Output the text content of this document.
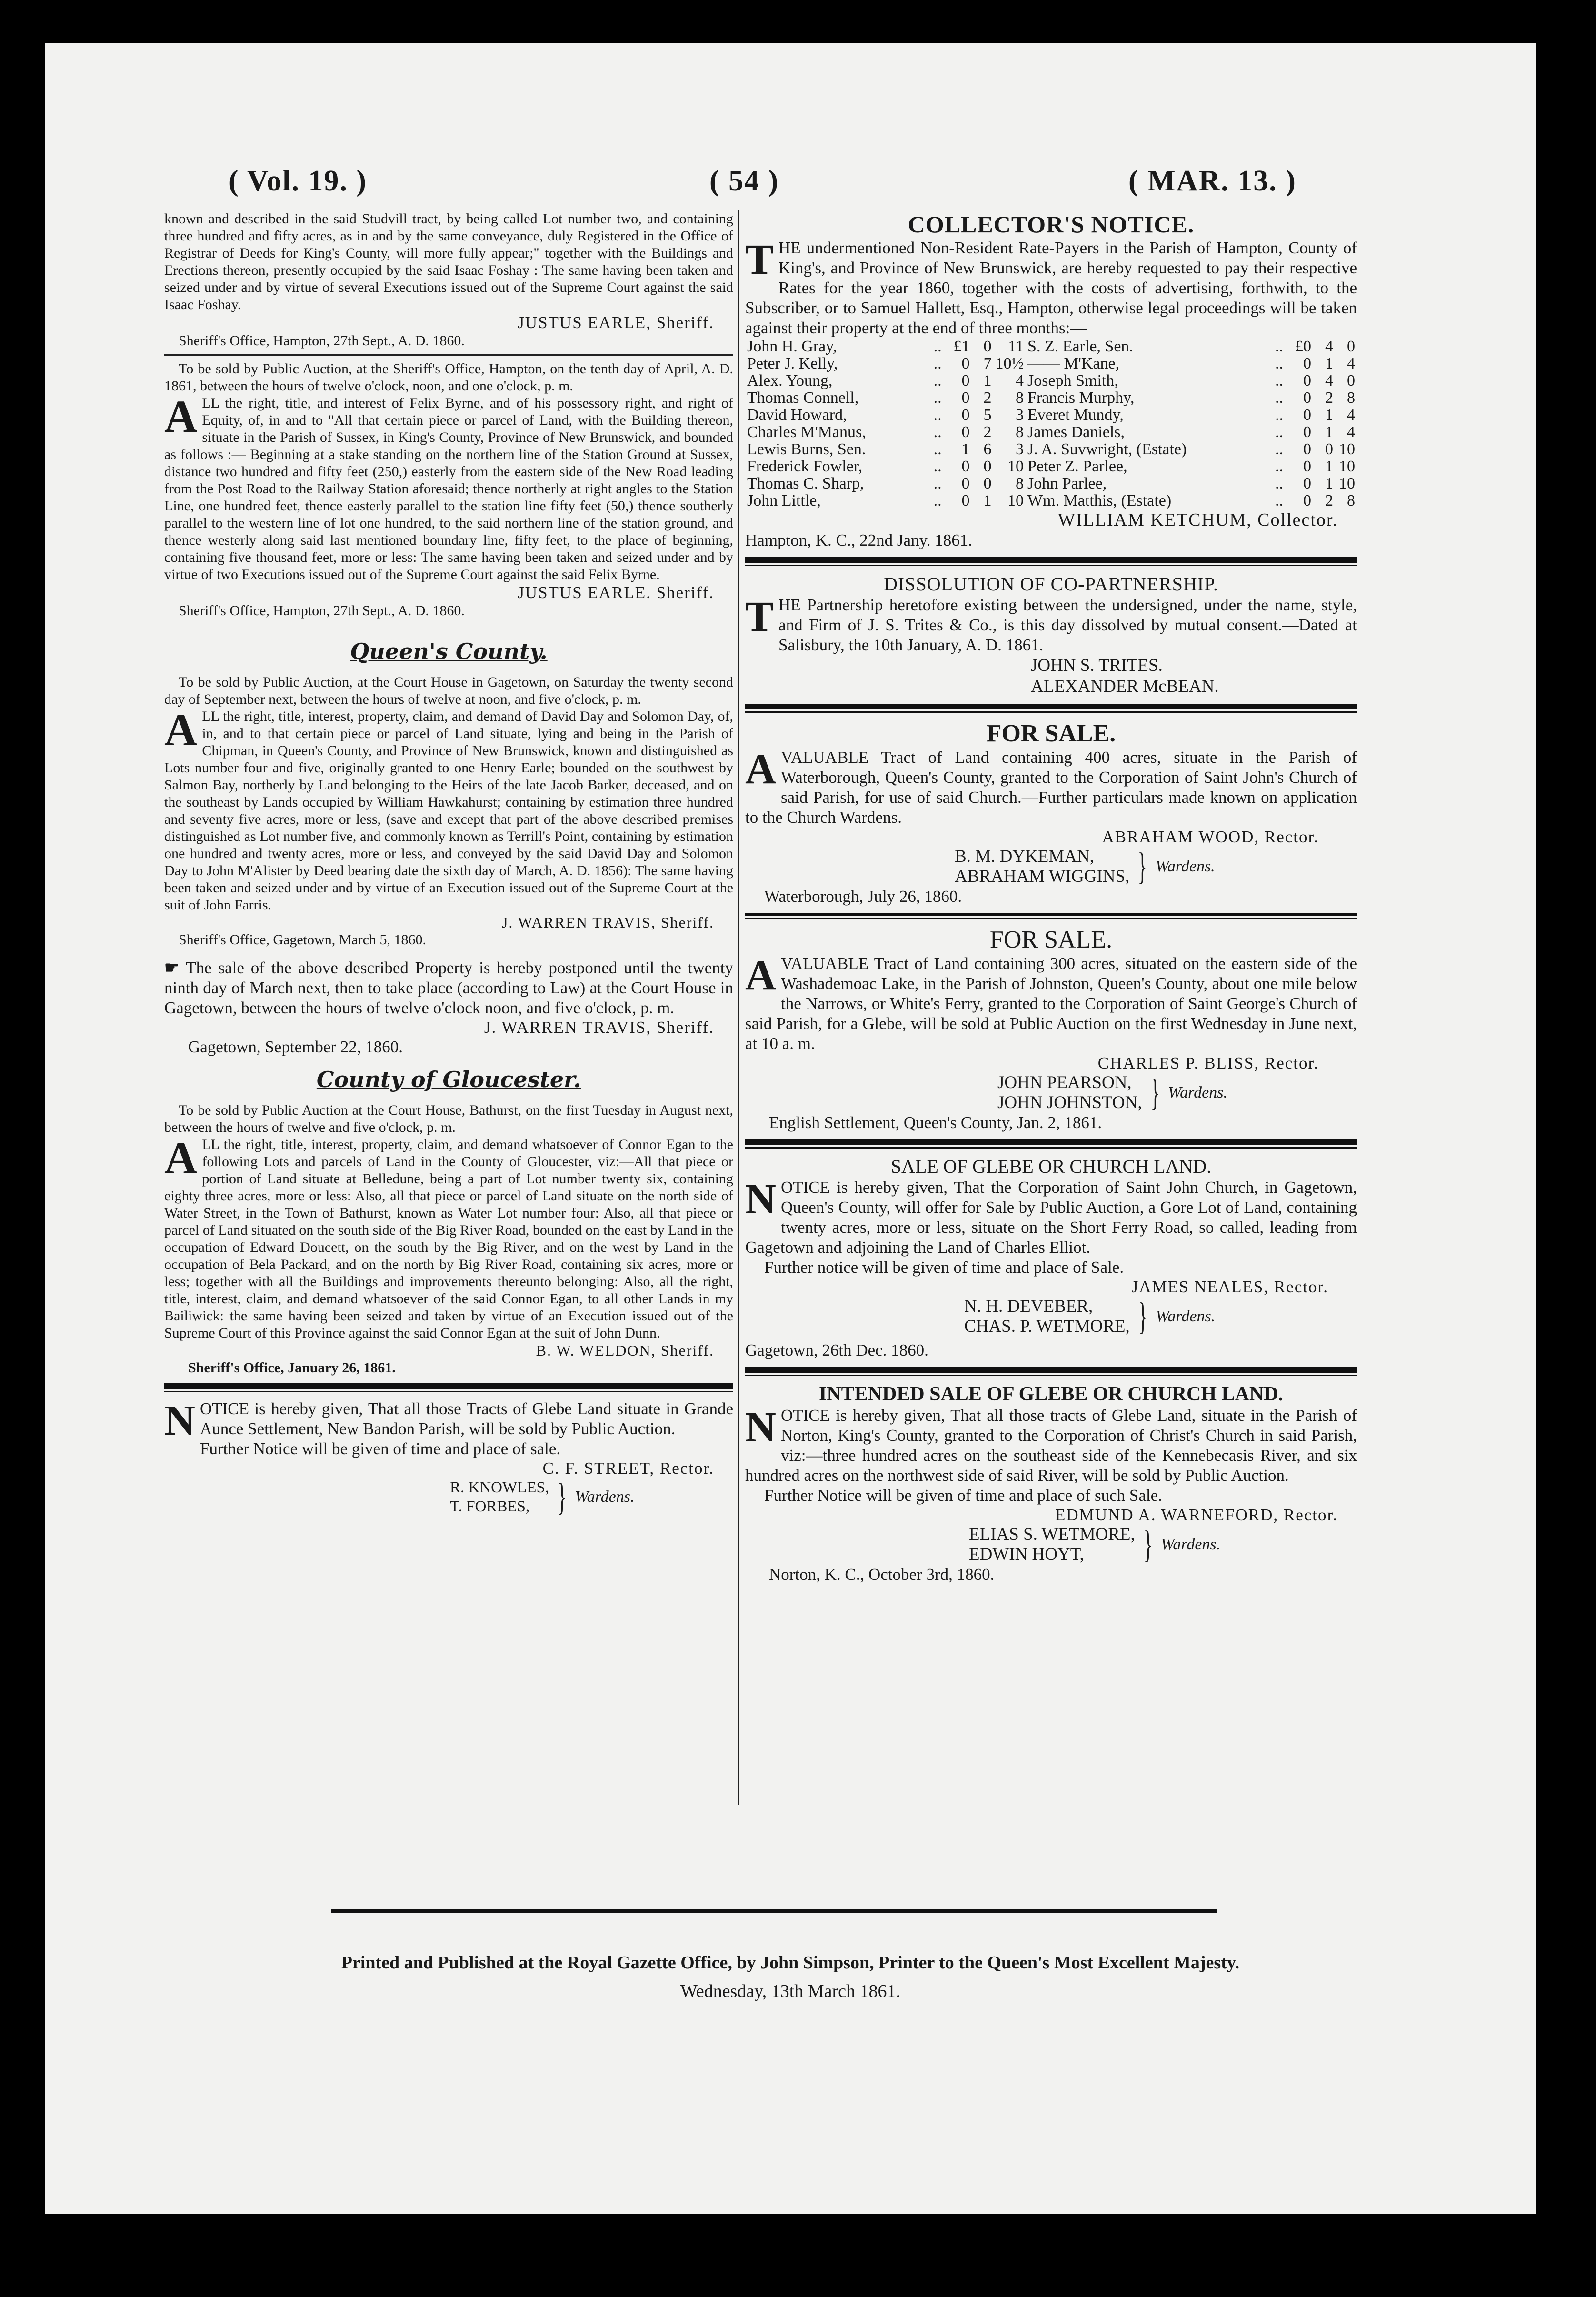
( Vol. 19. )	( 54 )	( MAR. 13. )

known and described in the said Studvill tract, by being called Lot number two, and containing three hundred and fifty acres, as in and by the same conveyance, duly Registered in the Office of Registrar of Deeds for King's County, will more fully appear;" together with the Buildings and Erections thereon, presently occupied by the said Isaac Foshay : The same having been taken and seized under and by virtue of several Executions issued out of the Supreme Court against the said Isaac Foshay.

JUSTUS EARLE, Sheriff.

Sheriff's Office, Hampton, 27th Sept., A. D. 1860.

To be sold by Public Auction, at the Sheriff's Office, Hampton, on the tenth day of April, A. D. 1861, between the hours of twelve o'clock, noon, and one o'clock, p. m.

ALL the right, title, and interest of Felix Byrne, and of his possessory right, and right of Equity, of, in and to "All that certain piece or parcel of Land, with the Building thereon, situate in the Parish of Sussex, in King's County, Province of New Brunswick, and bounded as follows :— Beginning at a stake standing on the northern line of the Station Ground at Sussex, distance two hundred and fifty feet (250,) easterly from the eastern side of the New Road leading from the Post Road to the Railway Station aforesaid; thence northerly at right angles to the Station Line, one hundred feet, thence easterly parallel to the station line fifty feet (50,) thence southerly parallel to the western line of lot one hundred, to the said northern line of the station ground, and thence westerly along said last mentioned boundary line, fifty feet, to the place of beginning, containing five thousand feet, more or less: The same having been taken and seized under and by virtue of two Executions issued out of the Supreme Court against the said Felix Byrne.

JUSTUS EARLE. Sheriff.

Sheriff's Office, Hampton, 27th Sept., A. D. 1860.

Queen's County.

To be sold by Public Auction, at the Court House in Gagetown, on Saturday the twenty second day of September next, between the hours of twelve at noon, and five o'clock, p. m.

ALL the right, title, interest, property, claim, and demand of David Day and Solomon Day, of, in, and to that certain piece or parcel of Land situate, lying and being in the Parish of Chipman, in Queen's County, and Province of New Brunswick, known and distinguished as Lots number four and five, originally granted to one Henry Earle; bounded on the southwest by Salmon Bay, northerly by Land belonging to the Heirs of the late Jacob Barker, deceased, and on the southeast by Lands occupied by William Hawkahurst; containing by estimation three hundred and seventy five acres, more or less, (save and except that part of the above described premises distinguished as Lot number five, and commonly known as Terrill's Point, containing by estimation one hundred and twenty acres, more or less, and conveyed by the said David Day and Solomon Day to John M'Alister by Deed bearing date the sixth day of March, A. D. 1856): The same having been taken and seized under and by virtue of an Execution issued out of the Supreme Court at the suit of John Farris.

J. WARREN TRAVIS, Sheriff.

Sheriff's Office, Gagetown, March 5, 1860.

☛ The sale of the above described Property is hereby postponed until the twenty ninth day of March next, then to take place (according to Law) at the Court House in Gagetown, between the hours of twelve o'clock noon, and five o'clock, p. m.

J. WARREN TRAVIS, Sheriff.

Gagetown, September 22, 1860.

County of Gloucester.

To be sold by Public Auction at the Court House, Bathurst, on the first Tuesday in August next, between the hours of twelve and five o'clock, p. m.

ALL the right, title, interest, property, claim, and demand whatsoever of Connor Egan to the following Lots and parcels of Land in the County of Gloucester, viz:—All that piece or portion of Land situate at Belledune, being a part of Lot number twenty six, containing eighty three acres, more or less: Also, all that piece or parcel of Land situate on the north side of Water Street, in the Town of Bathurst, known as Water Lot number four: Also, all that piece or parcel of Land situated on the south side of the Big River Road, bounded on the east by Land in the occupation of Edward Doucett, on the south by the Big River, and on the west by Land in the occupation of Bela Packard, and on the north by Big River Road, containing six acres, more or less; together with all the Buildings and improvements thereunto belonging: Also, all the right, title, interest, claim, and demand whatsoever of the said Connor Egan, to all other Lands in my Bailiwick: the same having been seized and taken by virtue of an Execution issued out of the Supreme Court of this Province against the said Connor Egan at the suit of John Dunn.

B. W. WELDON, Sheriff.

Sheriff's Office, January 26, 1861.

NOTICE is hereby given, That all those Tracts of Glebe Land situate in Grande Aunce Settlement, New Bandon Parish, will be sold by Public Auction.

Further Notice will be given of time and place of sale.

C. F. STREET, Rector.
R. KNOWLES,
T. FORBES, } Wardens.
COLLECTOR'S NOTICE.

THE undermentioned Non-Resident Rate-Payers in the Parish of Hampton, County of King's, and Province of New Brunswick, are hereby requested to pay their respective Rates for the year 1860, together with the costs of advertising, forthwith, to the Subscriber, or to Samuel Hallett, Esq., Hampton, otherwise legal proceedings will be taken against their property at the end of three months:—

John H. Gray,	..	£1	0	11	S. Z. Earle, Sen.	..	£0	4	0
Peter J. Kelly,	..	0	7	10½	—— M'Kane,	..	0	1	4
Alex. Young,	..	0	1	4	Joseph Smith,	..	0	4	0
Thomas Connell,	..	0	2	8	Francis Murphy,	..	0	2	8
David Howard,	..	0	5	3	Everet Mundy,	..	0	1	4
Charles M'Manus,	..	0	2	8	James Daniels,	..	0	1	4
Lewis Burns, Sen.	..	1	6	3	J. A. Suvwright, (Estate)	..	0	0	10
Frederick Fowler,	..	0	0	10	Peter Z. Parlee,	..	0	1	10
Thomas C. Sharp,	..	0	0	8	John Parlee,	..	0	1	10
John Little,	..	0	1	10	Wm. Matthis, (Estate)	..	0	2	8
WILLIAM KETCHUM, Collector.

Hampton, K. C., 22nd Jany. 1861.

DISSOLUTION OF CO-PARTNERSHIP.

THE Partnership heretofore existing between the undersigned, under the name, style, and Firm of J. S. Trites & Co., is this day dissolved by mutual consent.—Dated at Salisbury, the 10th January, A. D. 1861.

JOHN S. TRITES.
ALEXANDER McBEAN.
FOR SALE.

AVALUABLE Tract of Land containing 400 acres, situate in the Parish of Waterborough, Queen's County, granted to the Corporation of Saint John's Church of said Parish, for use of said Church.—Further particulars made known on application to the Church Wardens.

ABRAHAM WOOD, Rector.
B. M. DYKEMAN,
ABRAHAM WIGGINS, } Wardens.

Waterborough, July 26, 1860.

FOR SALE.

AVALUABLE Tract of Land containing 300 acres, situated on the eastern side of the Washademoac Lake, in the Parish of Johnston, Queen's County, about one mile below the Narrows, or White's Ferry, granted to the Corporation of Saint George's Church of said Parish, for a Glebe, will be sold at Public Auction on the first Wednesday in June next, at 10 a. m.

CHARLES P. BLISS, Rector.
JOHN PEARSON,
JOHN JOHNSTON, } Wardens.

English Settlement, Queen's County, Jan. 2, 1861.

SALE OF GLEBE OR CHURCH LAND.

NOTICE is hereby given, That the Corporation of Saint John Church, in Gagetown, Queen's County, will offer for Sale by Public Auction, a Gore Lot of Land, containing twenty acres, more or less, situate on the Short Ferry Road, so called, leading from Gagetown and adjoining the Land of Charles Elliot.

Further notice will be given of time and place of Sale.

JAMES NEALES, Rector.
N. H. DEVEBER,
CHAS. P. WETMORE, } Wardens.

Gagetown, 26th Dec. 1860.

INTENDED SALE OF GLEBE OR CHURCH LAND.

NOTICE is hereby given, That all those tracts of Glebe Land, situate in the Parish of Norton, King's County, granted to the Corporation of Christ's Church in said Parish, viz:—three hundred acres on the southeast side of the Kennebecasis River, and six hundred acres on the northwest side of said River, will be sold by Public Auction.

Further Notice will be given of time and place of such Sale.

EDMUND A. WARNEFORD, Rector.
ELIAS S. WETMORE,
EDWIN HOYT,	} Wardens.

Norton, K. C., October 3rd, 1860.

Printed and Published at the Royal Gazette Office, by John Simpson, Printer to the Queen's Most Excellent Majesty.
Wednesday, 13th March 1861.
